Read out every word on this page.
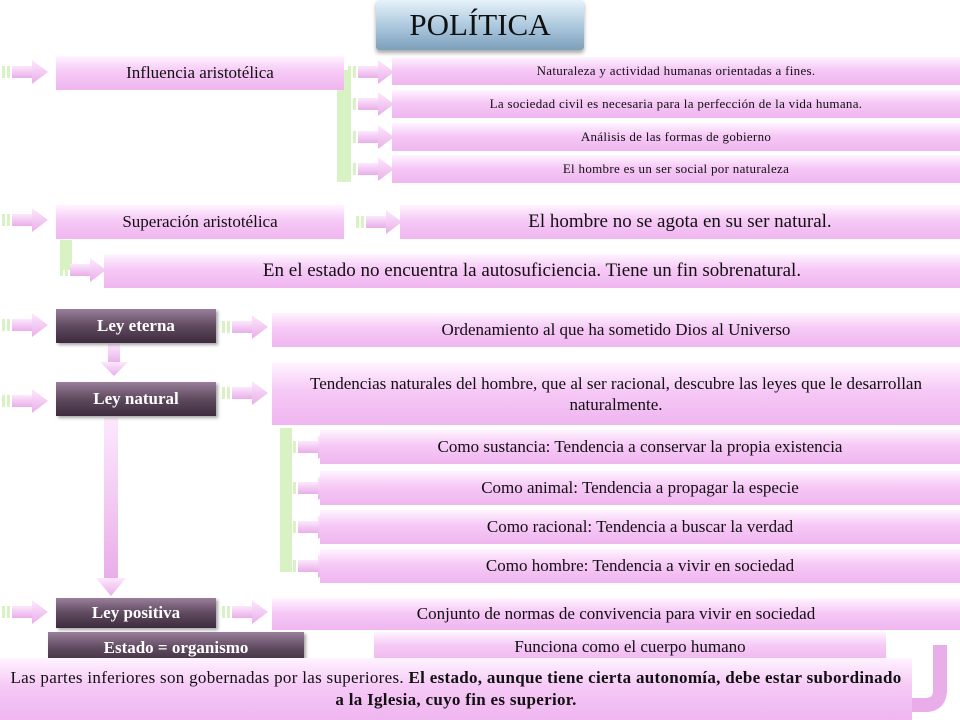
POLÍTICA
Influencia aristotélica	Naturaleza y actividad humanas orientadas a fines.
La sociedad civil es necesaria para la perfección de la vida humana.
Análisis de las formas de gobierno
El hombre es un ser social por naturaleza
Superación aristotélica	El hombre no se agota en su ser natural.
En el estado no encuentra la autosuficiencia. Tiene un fin sobrenatural.
Ley eterna	Ordenamiento al que ha sometido Dios al Universo
Ley natural
Tendencias naturales del hombre, que al ser racional, descubre las leyes que le desarrollan naturalmente.
Como sustancia: Tendencia a conservar la propia existencia
Como animal: Tendencia a propagar la especie
Como racional: Tendencia a buscar la verdad
Como hombre: Tendencia a vivir en sociedad
Ley positiva	Conjunto de normas de convivencia para vivir en sociedad
Estado = organismo	Funciona como el cuerpo humano
Las partes inferiores son gobernadas por las superiores. El estado, aunque tiene cierta autonomía, debe estar subordinado a la Iglesia, cuyo fin es superior.
